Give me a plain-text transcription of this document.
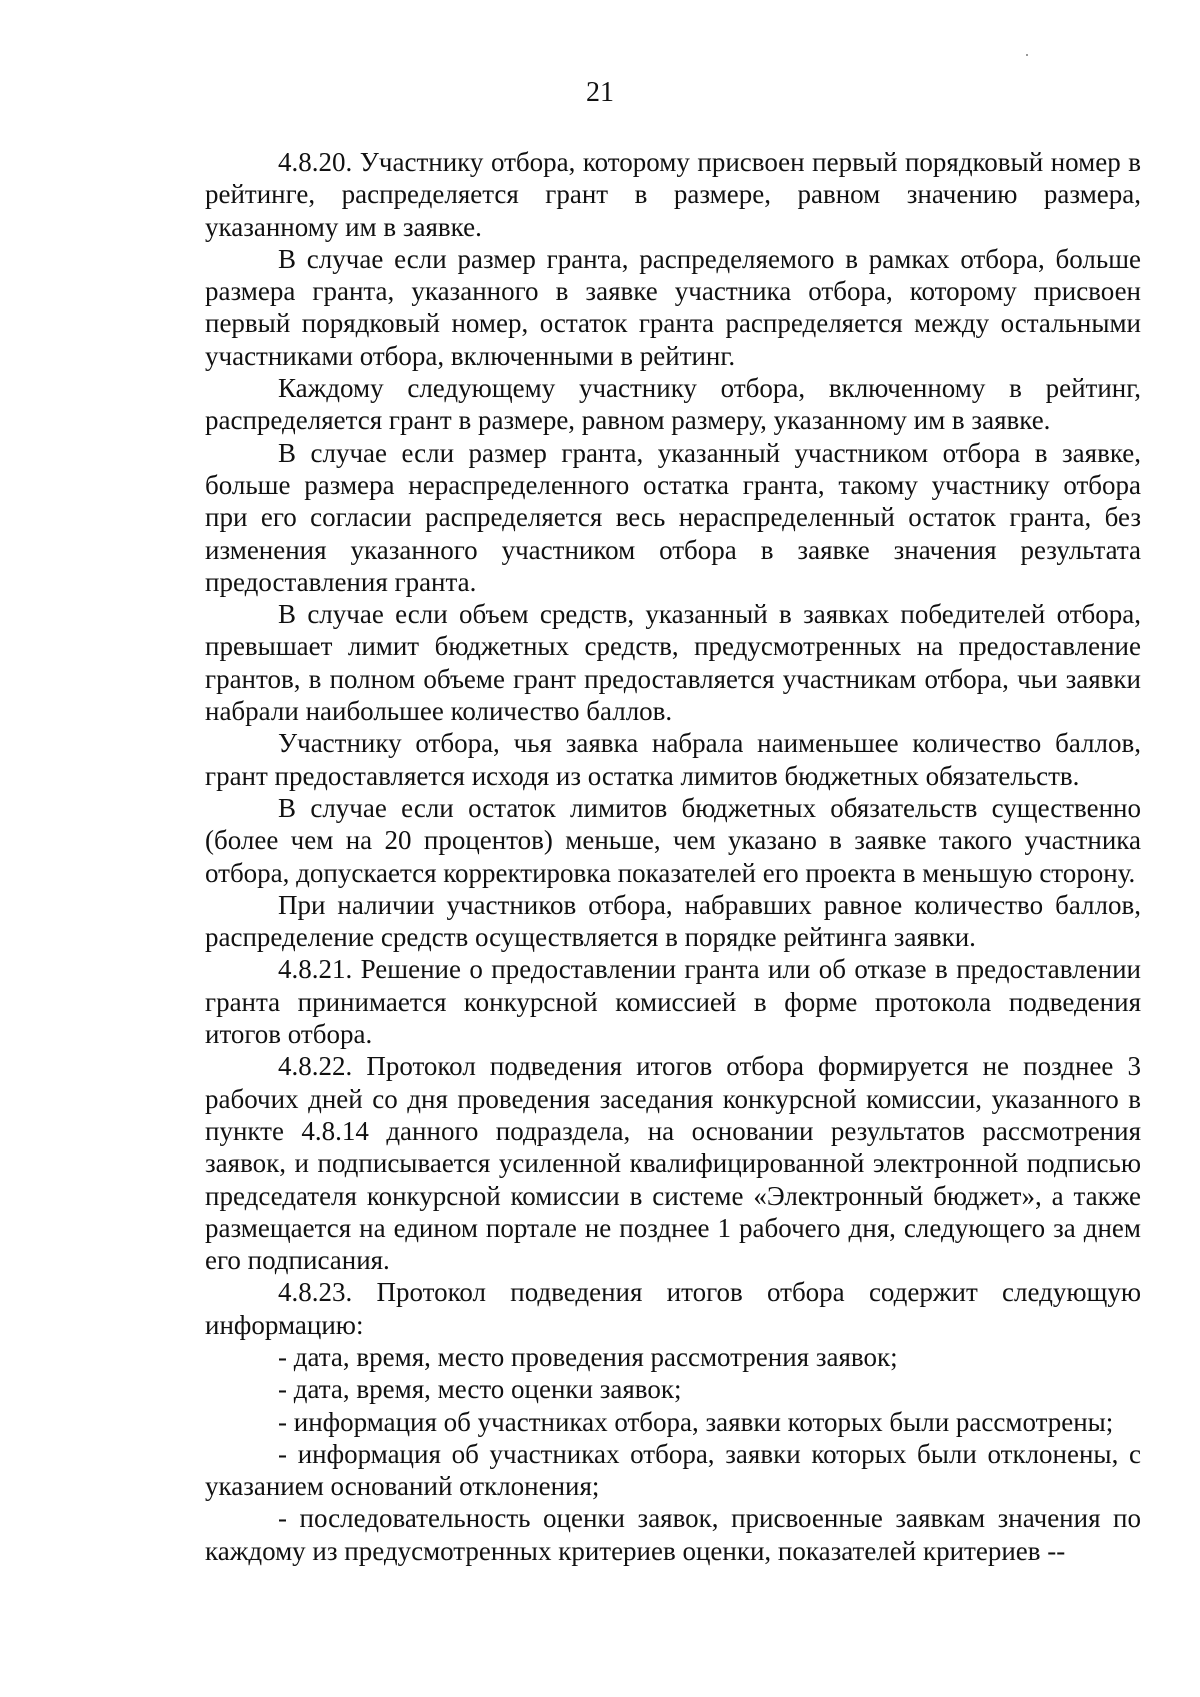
21

4.8.20. Участнику отбора, которому присвоен первый порядковый номер в рейтинге, распределяется грант в размере, равном значению размера, указанному им в заявке.

В случае если размер гранта, распределяемого в рамках отбора, больше размера гранта, указанного в заявке участника отбора, которому присвоен первый порядковый номер, остаток гранта распределяется между остальными участниками отбора, включенными в рейтинг.

Каждому следующему участнику отбора, включенному в рейтинг, распределяется грант в размере, равном размеру, указанному им в заявке.

В случае если размер гранта, указанный участником отбора в заявке, больше размера нераспределенного остатка гранта, такому участнику отбора при его согласии распределяется весь нераспределенный остаток гранта, без изменения указанного участником отбора в заявке значения результата предоставления гранта.

В случае если объем средств, указанный в заявках победителей отбора, превышает лимит бюджетных средств, предусмотренных на предоставление грантов, в полном объеме грант предоставляется участникам отбора, чьи заявки набрали наибольшее количество баллов.

Участнику отбора, чья заявка набрала наименьшее количество баллов, грант предоставляется исходя из остатка лимитов бюджетных обязательств.

В случае если остаток лимитов бюджетных обязательств существенно (более чем на 20 процентов) меньше, чем указано в заявке такого участника отбора, допускается корректировка показателей его проекта в меньшую сторону.

При наличии участников отбора, набравших равное количество баллов, распределение средств осуществляется в порядке рейтинга заявки.

4.8.21. Решение о предоставлении гранта или об отказе в предоставлении гранта принимается конкурсной комиссией в форме протокола подведения итогов отбора.

4.8.22. Протокол подведения итогов отбора формируется не позднее 3 рабочих дней со дня проведения заседания конкурсной комиссии, указанного в пункте 4.8.14 данного подраздела, на основании результатов рассмотрения заявок, и подписывается усиленной квалифицированной электронной подписью председателя конкурсной комиссии в системе «Электронный бюджет», а также размещается на едином портале не позднее 1 рабочего дня, следующего за днем его подписания.

4.8.23. Протокол подведения итогов отбора содержит следующую информацию:

- дата, время, место проведения рассмотрения заявок;

- дата, время, место оценки заявок;

- информация об участниках отбора, заявки которых были рассмотрены;

- информация об участниках отбора, заявки которых были отклонены, с указанием оснований отклонения;

- последовательность оценки заявок, присвоенные заявкам значения по каждому из предусмотренных критериев оценки, показателей критериев --
